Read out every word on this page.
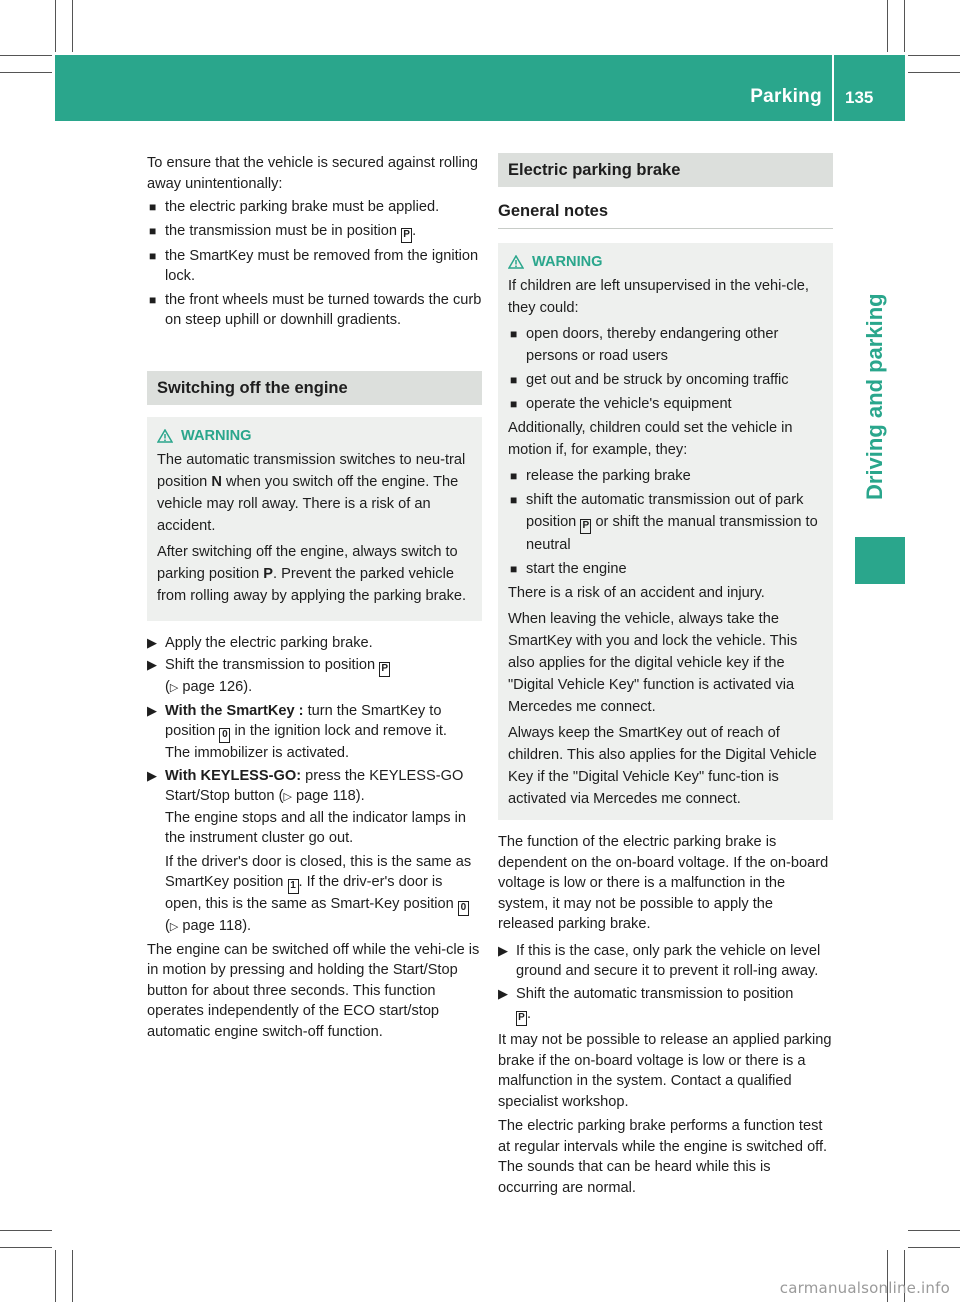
Parking 135
Driving and parking

To ensure that the vehicle is secured against rolling away unintentionally:

■ the electric parking brake must be applied.
■ the transmission must be in position P .
■ the SmartKey must be removed from the ignition lock.
■ the front wheels must be turned towards the curb on steep uphill or downhill gradients.
Switching off the engine
WARNING

The automatic transmission switches to neu-tral position N when you switch off the engine. The vehicle may roll away. There is a risk of an accident.

After switching off the engine, always switch to parking position P. Prevent the parked vehicle from rolling away by applying the parking brake.

▶ Apply the electric parking brake.
▶ Shift the transmission to position P
(▷ page 126).
▶ With the SmartKey : turn the SmartKey to position 0 in the ignition lock and remove it.
The immobilizer is activated.
▶ With KEYLESS-GO: press the KEYLESS-GO Start/Stop button (▷ page 118).
The engine stops and all the indicator lamps in the instrument cluster go out.
If the driver's door is closed, this is the same as SmartKey position 1 . If the driv-er's door is open, this is the same as Smart-Key position 0 (▷ page 118).

The engine can be switched off while the vehi-cle is in motion by pressing and holding the Start/Stop button for about three seconds. This function operates independently of the ECO start/stop automatic engine switch-off function.

Electric parking brake
General notes
WARNING

If children are left unsupervised in the vehi-cle, they could:

■ open doors, thereby endangering other persons or road users
■ get out and be struck by oncoming traffic
■ operate the vehicle's equipment

Additionally, children could set the vehicle in motion if, for example, they:

■ release the parking brake
■ shift the automatic transmission out of park position P or shift the manual transmission to neutral
■ start the engine

There is a risk of an accident and injury.

When leaving the vehicle, always take the SmartKey with you and lock the vehicle. This also applies for the digital vehicle key if the "Digital Vehicle Key" function is activated via Mercedes me connect.

Always keep the SmartKey out of reach of children. This also applies for the Digital Vehicle Key if the "Digital Vehicle Key" func-tion is activated via Mercedes me connect.

The function of the electric parking brake is dependent on the on-board voltage. If the on-board voltage is low or there is a malfunction in the system, it may not be possible to apply the released parking brake.

▶ If this is the case, only park the vehicle on level ground and secure it to prevent it roll-ing away.
▶ Shift the automatic transmission to position
P .

It may not be possible to release an applied parking brake if the on-board voltage is low or there is a malfunction in the system. Contact a qualified specialist workshop.

The electric parking brake performs a function test at regular intervals while the engine is switched off. The sounds that can be heard while this is occurring are normal.

carmanualsonline.info
